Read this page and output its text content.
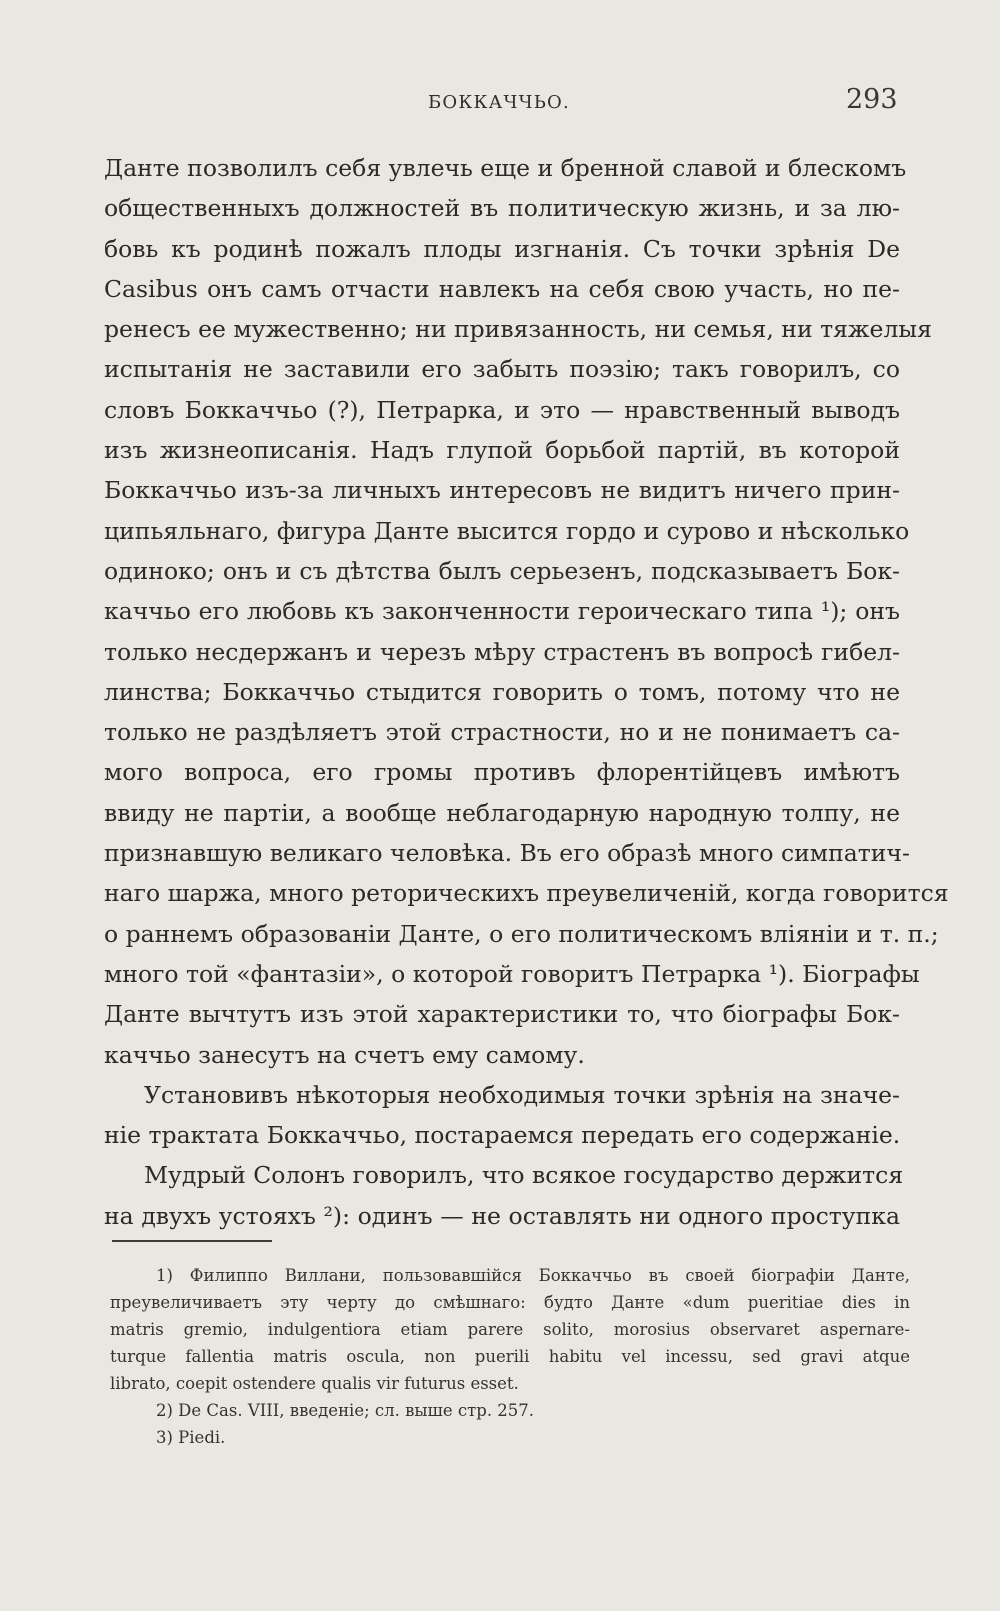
БОККАЧЧЬО.	293
Данте позволилъ себя увлечь еще и бренной славой и блескомъ
общественныхъ должностей въ политическую жизнь, и за лю-
бовь къ родинѣ пожалъ плоды изгнанія. Съ точки зрѣнія De
Casibus онъ самъ отчасти навлекъ на себя свою участь, но пе-
ренесъ ее мужественно; ни привязанность, ни семья, ни тяжелыя
испытанія не заставили его забыть поэзію; такъ говорилъ, со
словъ Боккаччьо (?), Петрарка, и это — нравственный выводъ
изъ жизнеописанія. Надъ глупой борьбой партій, въ которой
Боккаччьо изъ-за личныхъ интересовъ не видитъ ничего прин-
ципьяльнаго, фигура Данте высится гордо и сурово и нѣсколько
одиноко; онъ и съ дѣтства былъ серьезенъ, подсказываетъ Бок-
каччьо его любовь къ законченности героическаго типа ¹); онъ
только несдержанъ и черезъ мѣру страстенъ въ вопросѣ гибел-
линства; Боккаччьо стыдится говорить о томъ, потому что не
только не раздѣляетъ этой страстности, но и не понимаетъ са-
мого вопроса, его громы противъ флорентійцевъ имѣютъ
ввиду не партіи, а вообще неблагодарную народную толпу, не
признавшую великаго человѣка. Въ его образѣ много симпатич-
наго шаржа, много реторическихъ преувеличеній, когда говорится
о раннемъ образованіи Данте, о его политическомъ вліяніи и т. п.;
много той «фантазіи», о которой говоритъ Петрарка ¹). Біографы
Данте вычтутъ изъ этой характеристики то, что біографы Бок-
каччьо занесутъ на счетъ ему самому.
Установивъ нѣкоторыя необходимыя точки зрѣнія на значе-
ніе трактата Боккаччьо, постараемся передать его содержаніе.
Мудрый Солонъ говорилъ, что всякое государство держится
на двухъ устояхъ ²): одинъ — не оставлять ни одного проступка
1) Филиппо Виллани, пользовавшійся Боккаччьо въ своей біографіи Данте,
преувеличиваетъ эту черту до смѣшнаго: будто Данте «dum pueritiae dies in
matris gremio, indulgentiora etiam parere solito, morosius observaret aspernare-
turque fallentia matris oscula, non puerili habitu vel incessu, sed gravi atque
librato, coepit ostendere qualis vir futurus esset.
2) De Cas. VIII, введеніе; сл. выше стр. 257.
3) Piedi.
